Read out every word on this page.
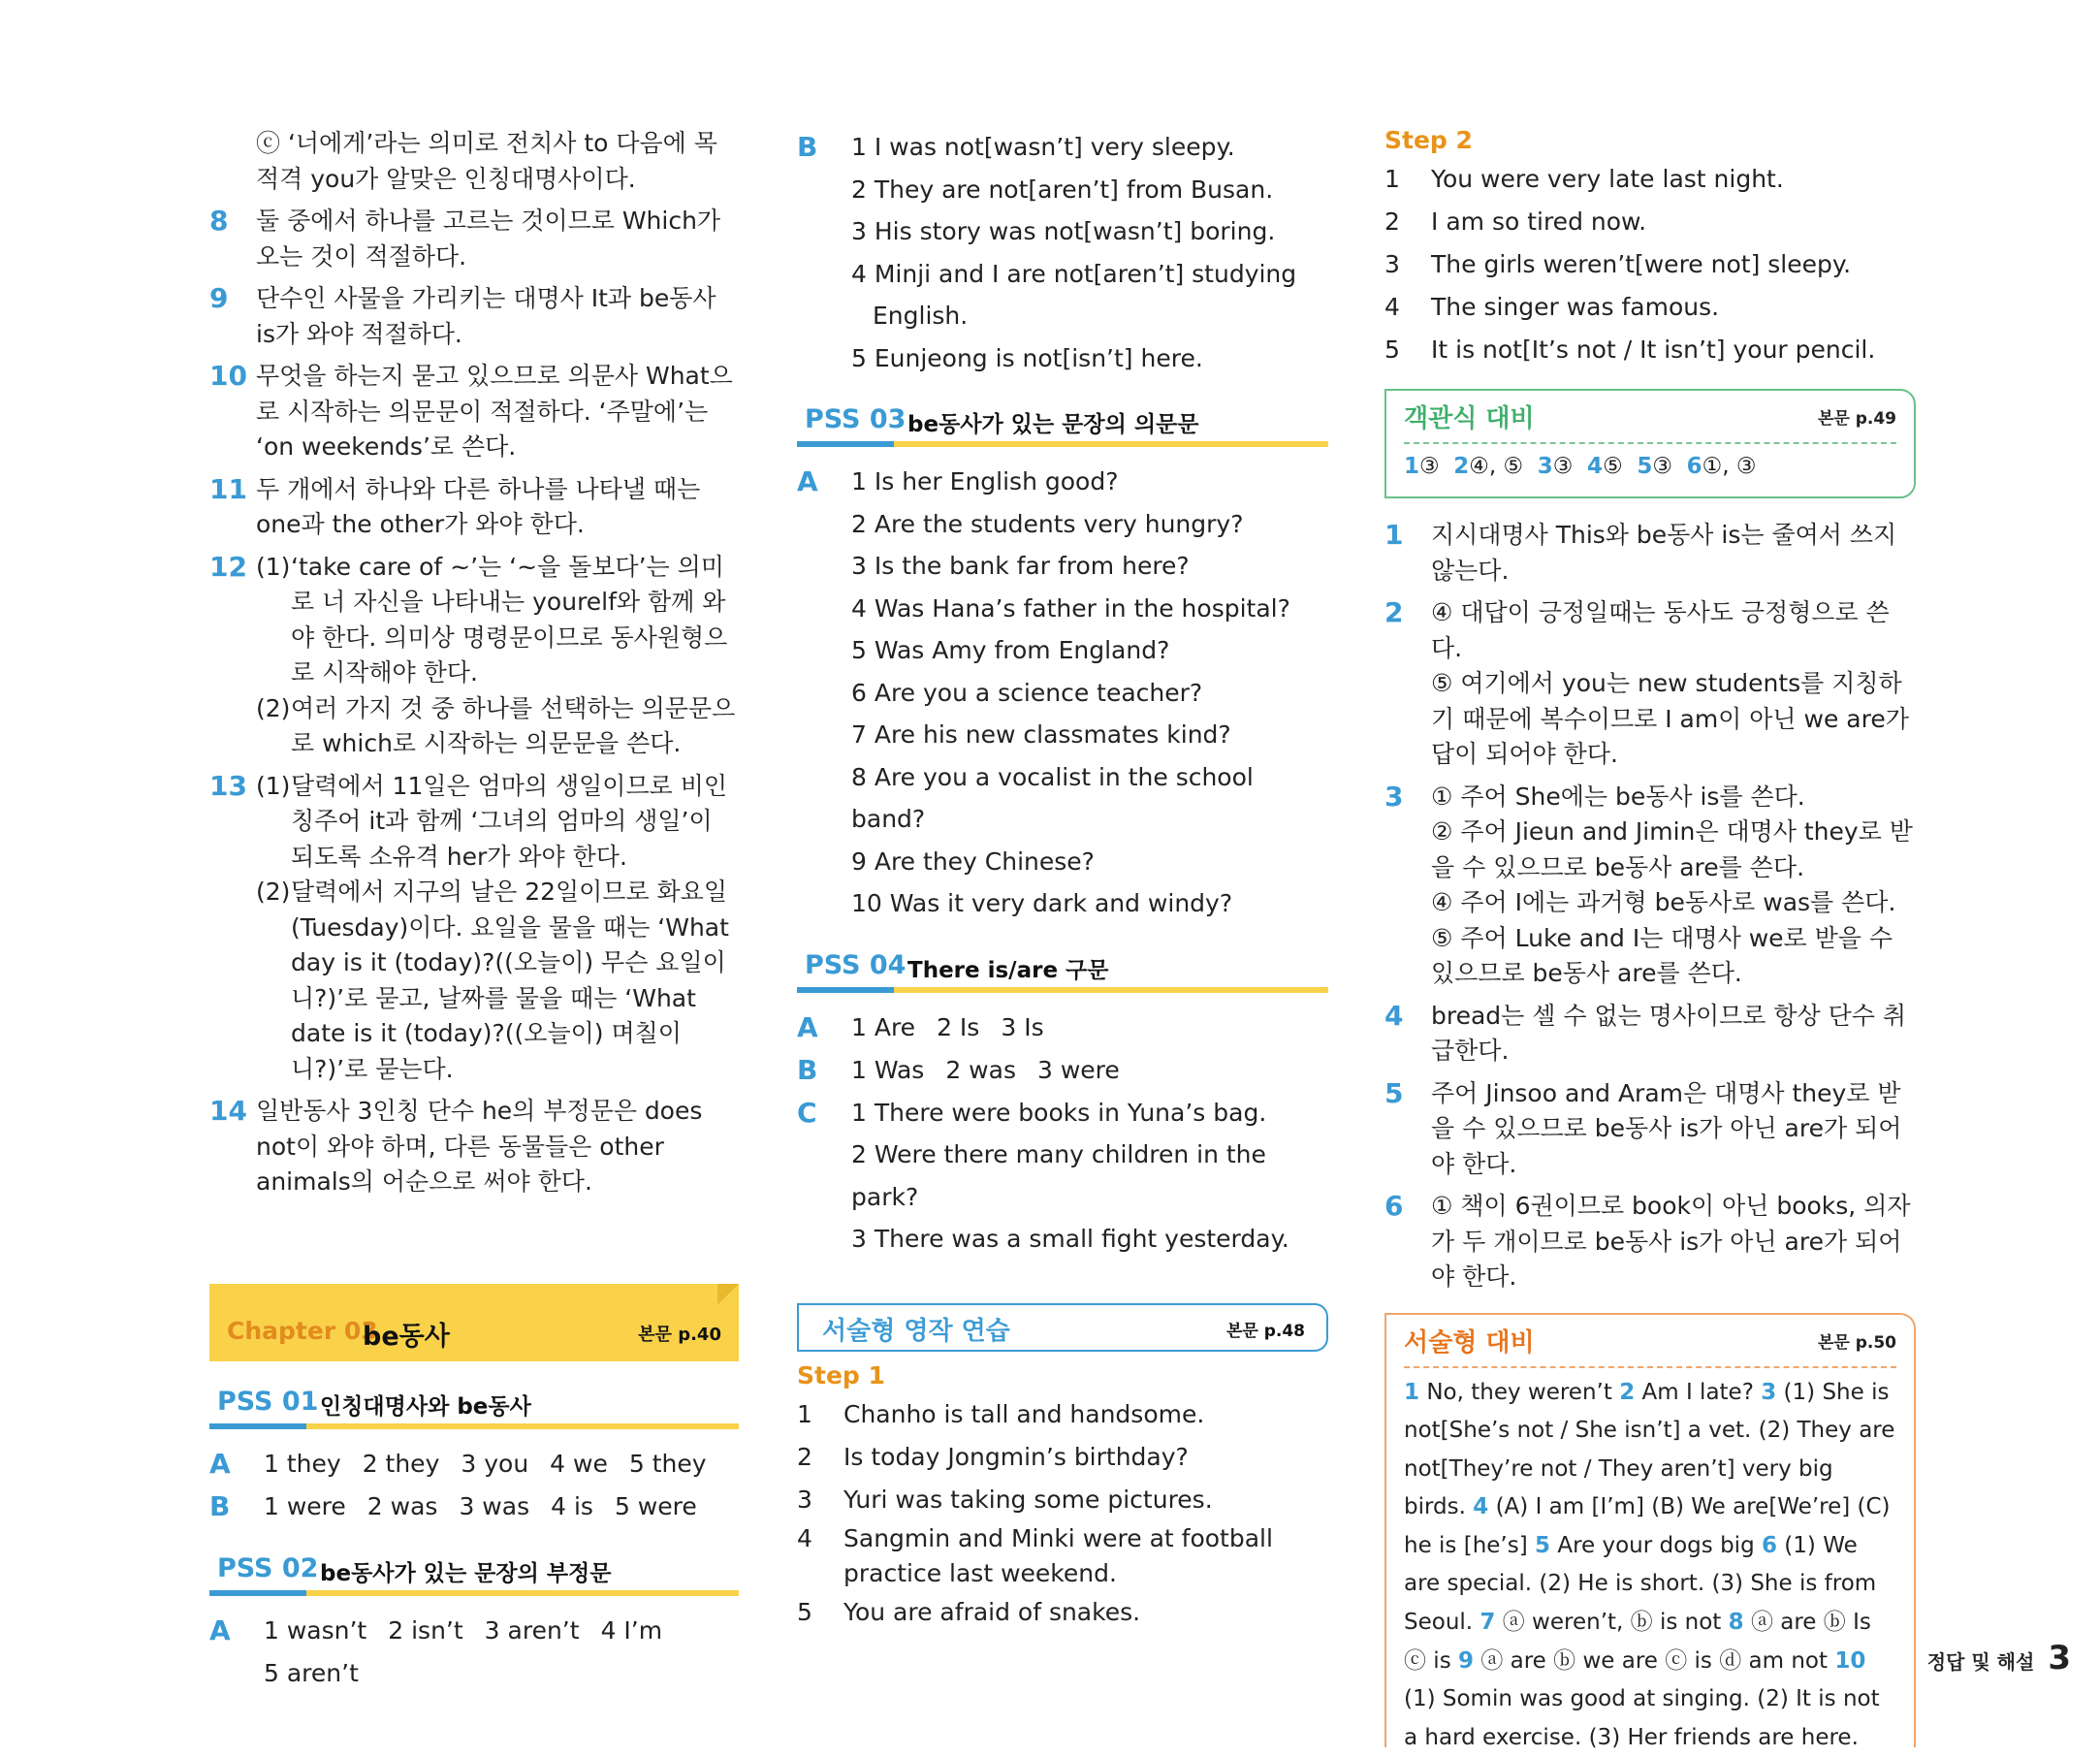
ⓒ ‘너에게’라는 의미로 전치사 to 다음에 목적격 you가 알맞은 인칭대명사이다.
8	둘 중에서 하나를 고르는 것이므로 Which가 오는 것이 적절하다.
9	단수인 사물을 가리키는 대명사 It과 be동사 is가 와야 적절하다.
10 무엇을 하는지 묻고 있으므로 의문사 What으로 시작하는 의문문이 적절하다. ‘주말에’는 ‘on weekends’로 쓴다.
11 두 개에서 하나와 다른 하나를 나타낼 때는 one과 the other가 와야 한다.
12 (1) ‘take care of ~’는 ‘~을 돌보다’는 의미로 너 자신을 나타내는 yourelf와 함께 와야 한다. 의미상 명령문이므로 동사원형으로 시작해야 한다.
(2) 여러 가지 것 중 하나를 선택하는 의문문으로 which로 시작하는 의문문을 쓴다.
13 (1) 달력에서 11일은 엄마의 생일이므로 비인칭주어 it과 함께 ‘그녀의 엄마의 생일’이 되도록 소유격 her가 와야 한다.
(2) 달력에서 지구의 날은 22일이므로 화요일(Tuesday)이다. 요일을 물을 때는 ‘What day is it (today)?((오늘이) 무슨 요일이니?)’로 묻고, 날짜를 물을 때는 ‘What date is it (today)?((오늘이) 며칠이니?)’로 묻는다.
14 일반동사 3인칭 단수 he의 부정문은 does not이 와야 하며, 다른 동물들은 other animals의 어순으로 써야 한다.
Chapter 03
be동사	본문 p.40
PSS 01 인칭대명사와 be동사
A	1 they 2 they 3 you 4 we 5 they
B	1 were 2 was 3 was 4 is 5 were
PSS 02 be동사가 있는 문장의 부정문
A	1 wasn’t 2 isn’t 3 aren’t 4 I’m
5 aren’t
B	1 I was not[wasn’t] very sleepy.
2 They are not[aren’t] from Busan.
3 His story was not[wasn’t] boring.
4 Minji and I are not[aren’t] studying
English.
5 Eunjeong is not[isn’t] here.
PSS 03 be동사가 있는 문장의 의문문
A	1 Is her English good?
2 Are the students very hungry?
3 Is the bank far from here?
4 Was Hana’s father in the hospital?
5 Was Amy from England?
6 Are you a science teacher?
7 Are his new classmates kind?
8 Are you a vocalist in the school band?
9 Are they Chinese?
10 Was it very dark and windy?
PSS 04 There is/are 구문
A	1 Are 2 Is 3 Is
B	1 Was 2 was 3 were
C	1 There were books in Yuna’s bag.
2 Were there many children in the park?
3 There was a small fight yesterday.
서술형 영작 연습	본문 p.48
Step 1
1	Chanho is tall and handsome.
2	Is today Jongmin’s birthday?
3	Yuri was taking some pictures.
4	Sangmin and Minki were at football practice last weekend.
5	You are afraid of snakes.
Step 2
1	You were very late last night.
2	I am so tired now.
3	The girls weren’t[were not] sleepy.
4	The singer was famous.
5	It is not[It’s not / It isn’t] your pencil.
객관식 대비	본문 p.49
1③ 2④, ⑤ 3③ 4⑤ 5③ 6①, ③
1	지시대명사 This와 be동사 is는 줄여서 쓰지 않는다.
2	④ 대답이 긍정일때는 동사도 긍정형으로 쓴다.
⑤ 여기에서 you는 new students를 지칭하기 때문에 복수이므로 I am이 아닌 we are가 답이 되어야 한다.
3	① 주어 She에는 be동사 is를 쓴다.
② 주어 Jieun and Jimin은 대명사 they로 받을 수 있으므로 be동사 are를 쓴다.
④ 주어 I에는 과거형 be동사로 was를 쓴다.
⑤ 주어 Luke and I는 대명사 we로 받을 수 있으므로 be동사 are를 쓴다.
4	bread는 셀 수 없는 명사이므로 항상 단수 취급한다.
5	주어 Jinsoo and Aram은 대명사 they로 받을 수 있으므로 be동사 is가 아닌 are가 되어야 한다.
6	① 책이 6권이므로 book이 아닌 books, 의자가 두 개이므로 be동사 is가 아닌 are가 되어야 한다.
서술형 대비	본문 p.50
1 No, they weren’t 2 Am I late? 3 (1) She is not[She’s not / She isn’t] a vet. (2) They are not[They’re not / They aren’t] very big birds. 4 (A) I am [I’m] (B) We are[We’re] (C) he is [he’s] 5 Are your dogs big 6 (1) We are special. (2) He is short. (3) She is from Seoul. 7 ⓐ weren’t, ⓑ is not 8 ⓐ are ⓑ Is ⓒ is 9 ⓐ are ⓑ we are ⓒ is ⓓ am not 10 (1) Somin was good at singing. (2) It is not a hard exercise. (3) Her friends are here.
정답 및 해설 3
